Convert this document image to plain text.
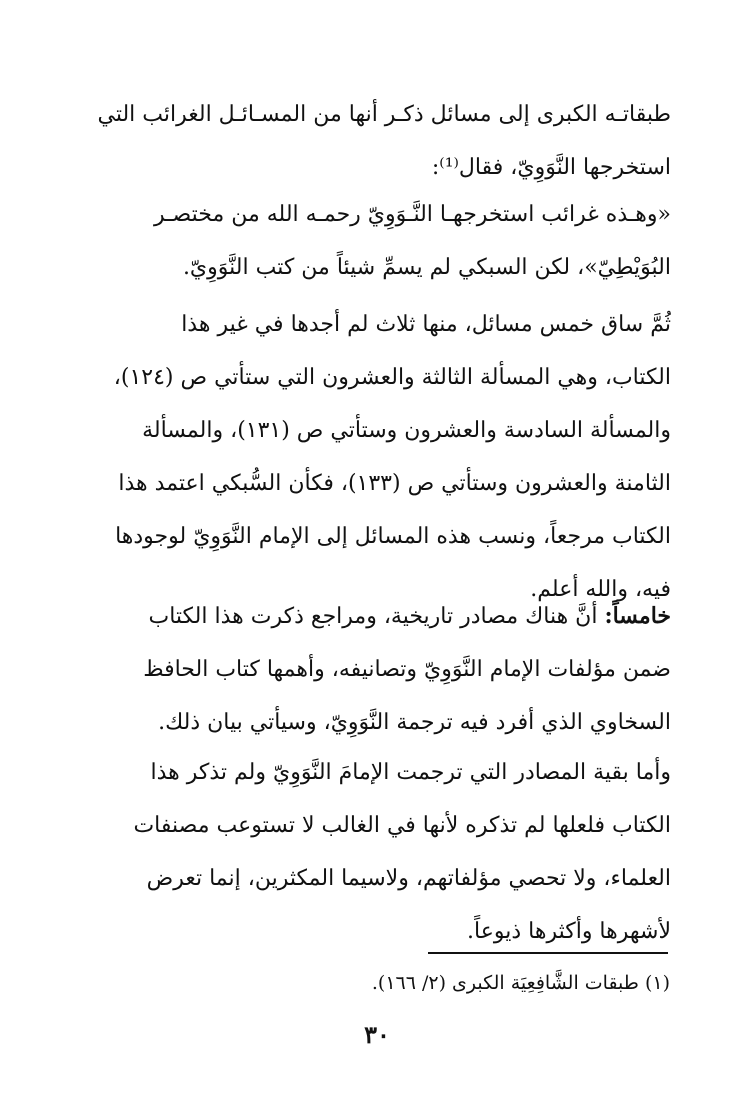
طبقاتـه الكبرى إلى مسائل ذكـر أنها من المسـائـل الغرائب التي
استخرجها النَّوَوِيّ، فقال⁽¹⁾:
«وهـذه غرائب استخرجهـا النَّـوَوِيّ رحمـه الله من مختصـر
البُوَيْطِيّ»، لكن السبكي لم يسمِّ شيئاً من كتب النَّوَوِيّ.
ثُمَّ ساق خمس مسائل، منها ثلاث لم أجدها في غير هذا
الكتاب، وهي المسألة الثالثة والعشرون التي ستأتي ص (١٢٤)،
والمسألة السادسة والعشرون وستأتي ص (١٣١)، والمسألة
الثامنة والعشرون وستأتي ص (١٣٣)، فكأن السُّبكي اعتمد هذا
الكتاب مرجعاً، ونسب هذه المسائل إلى الإمام النَّوَوِيّ لوجودها
فيه، والله أعلم.
خامساً: أنَّ هناك مصادر تاريخية، ومراجع ذكرت هذا الكتاب
ضمن مؤلفات الإمام النَّوَوِيّ وتصانيفه، وأهمها كتاب الحافظ
السخاوي الذي أفرد فيه ترجمة النَّوَوِيّ، وسيأتي بيان ذلك.
وأما بقية المصادر التي ترجمت الإمامَ النَّوَوِيّ ولم تذكر هذا
الكتاب فلعلها لم تذكره لأنها في الغالب لا تستوعب مصنفات
العلماء، ولا تحصي مؤلفاتهم، ولاسيما المكثرين، إنما تعرض
لأشهرها وأكثرها ذيوعاً.
(١) طبقات الشَّافِعِيَة الكبرى (٢/ ١٦٦).
٣٠
